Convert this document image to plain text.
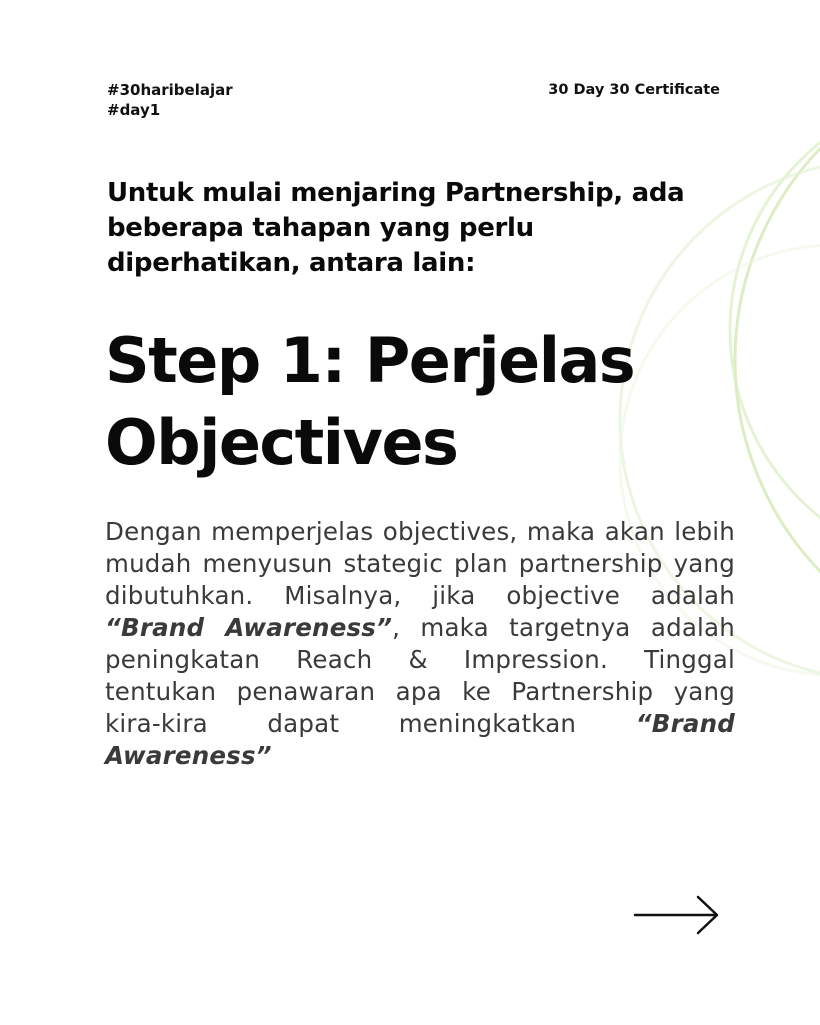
#30haribelajar
#day1
30 Day 30 Certificate
Untuk mulai menjaring Partnership, ada beberapa tahapan yang perlu diperhatikan, antara lain:
Step 1: Perjelas
Objectives
Dengan memperjelas objectives, maka akan lebih mudah menyusun stategic plan partnership yang dibutuhkan. Misalnya, jika objective adalah “Brand Awareness”, maka targetnya adalah peningkatan Reach & Impression. Tinggal tentukan penawaran apa ke Partnership yang kira-kira dapat meningkatkan “Brand Awareness”
